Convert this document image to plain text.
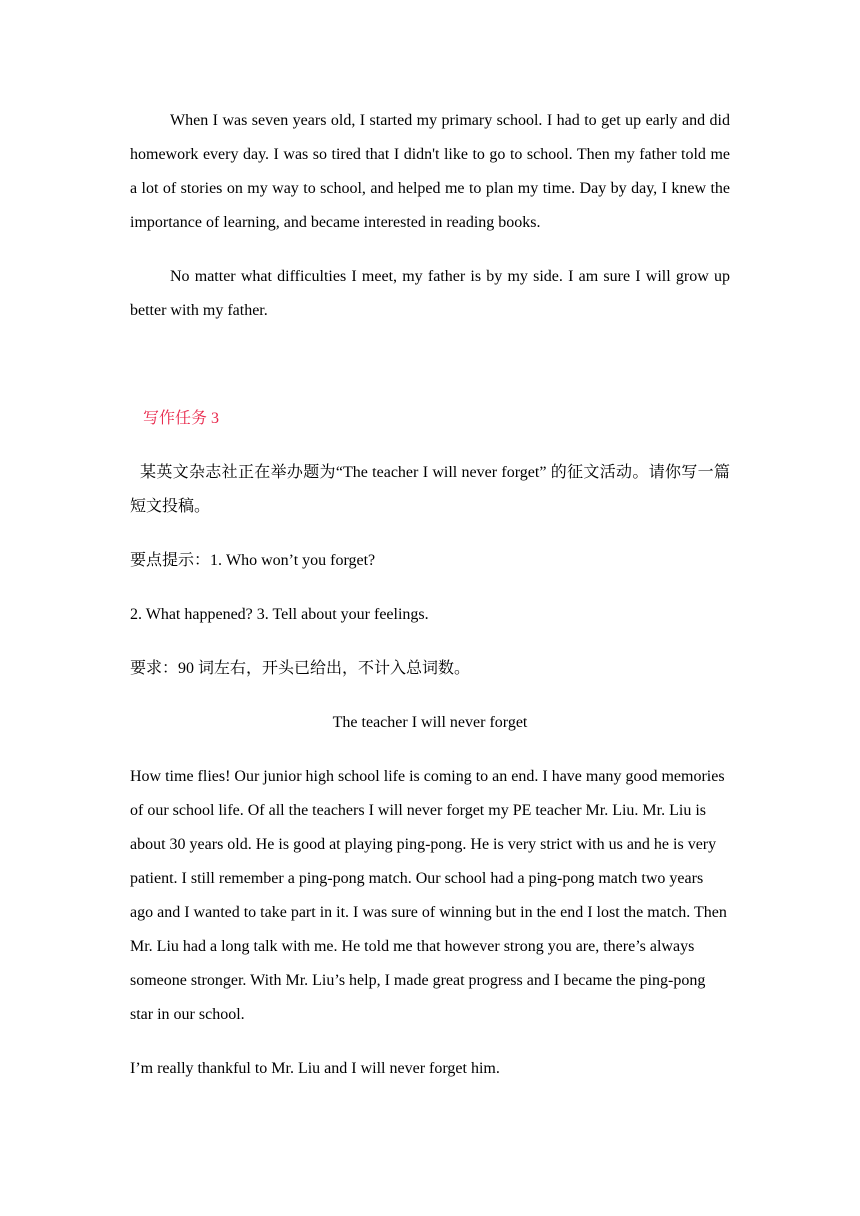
When I was seven years old, I started my primary school. I had to get up early and did homework every day. I was so tired that I didn't like to go to school. Then my father told me a lot of stories on my way to school, and helped me to plan my time. Day by day, I knew the importance of learning, and became interested in reading books.

No matter what difficulties I meet, my father is by my side. I am sure I will grow up better with my father.

写作任务 3

某英文杂志社正在举办题为“The teacher I will never forget” 的征文活动。请你写一篇短文投稿。

要点提示：1. Who won’t you forget?

2. What happened? 3. Tell about your feelings.

要求：90 词左右，开头已给出，不计入总词数。

The teacher I will never forget

How time flies! Our junior high school life is coming to an end. I have many good memories of our school life. Of all the teachers I will never forget my PE teacher Mr. Liu. Mr. Liu is about 30 years old. He is good at playing ping-pong. He is very strict with us and he is very patient. I still remember a ping-pong match. Our school had a ping-pong match two years ago and I wanted to take part in it. I was sure of winning but in the end I lost the match. Then Mr. Liu had a long talk with me. He told me that however strong you are, there’s always someone stronger. With Mr. Liu’s help, I made great progress and I became the ping-pong star in our school.

I’m really thankful to Mr. Liu and I will never forget him.
